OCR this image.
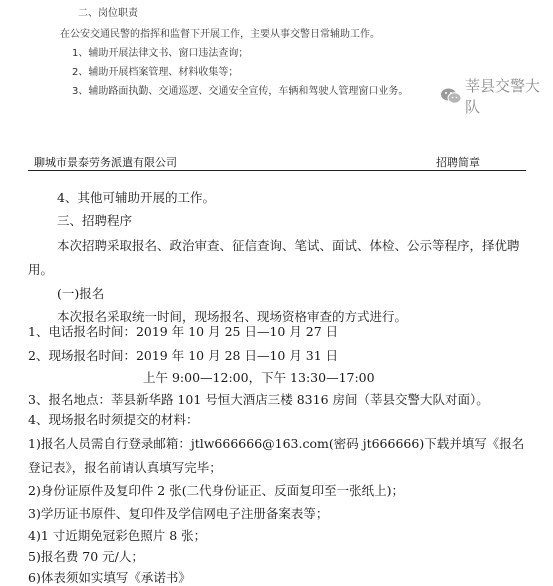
二、岗位职责
在公安交通民警的指挥和监督下开展工作，主要从事交警日常辅助工作。
1、辅助开展法律文书、窗口违法查询；
2、辅助开展档案管理、材料收集等；
3、辅助路面执勤、交通巡逻、交通安全宣传，车辆和驾驶人管理窗口业务。	莘县交警大队
聊城市景泰劳务派遣有限公司	招聘简章
4、其他可辅助开展的工作。
三、招聘程序
本次招聘采取报名、政治审查、征信查询、笔试、面试、体检、公示等程序，择优聘
用。
(一)报名
本次报名采取统一时间，现场报名、现场资格审查的方式进行。
1、电话报名时间：2019 年 10 月 25 日—10 月 27 日
2、现场报名时间：2019 年 10 月 28 日—10 月 31 日
上午 9:00—12:00，下午 13:30—17:00
3、报名地点：莘县新华路 101 号恒大酒店三楼 8316 房间（莘县交警大队对面）。
4、现场报名时须提交的材料：
1)报名人员需自行登录邮箱：jtlw666666@163.com(密码 jt666666)下载并填写《报名
登记表》，报名前请认真填写完毕；
2)身份证原件及复印件 2 张(二代身份证正、反面复印至一张纸上)；
3)学历证书原件、复印件及学信网电子注册备案表等；
4)1 寸近期免冠彩色照片 8 张；
5)报名费 70 元/人；
6)体表须如实填写《承诺书》
